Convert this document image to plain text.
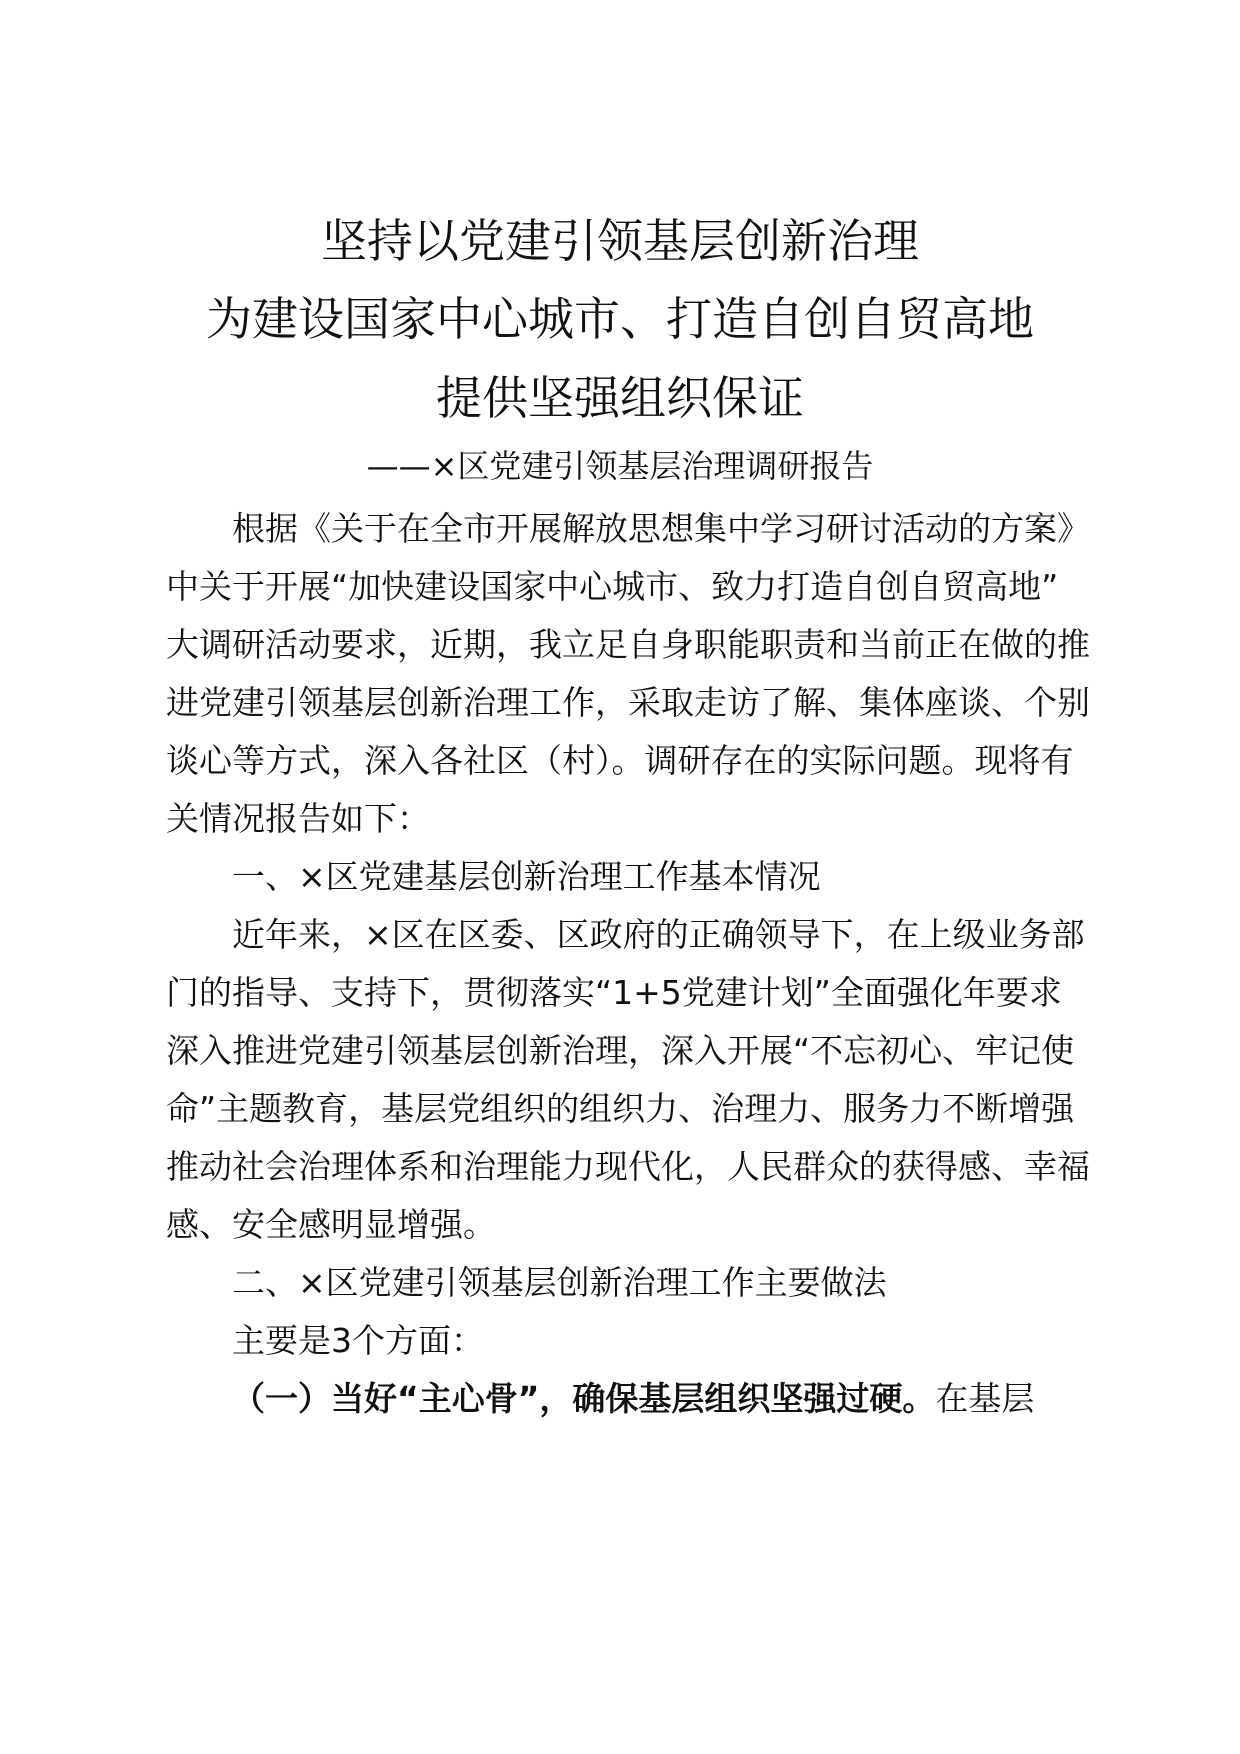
坚持以党建引领基层创新治理
为建设国家中心城市、打造自创自贸高地
提供坚强组织保证
——×区党建引领基层治理调研报告
根据《关于在全市开展解放思想集中学习研讨活动的方案》
中关于开展“加快建设国家中心城市、致力打造自创自贸高地”
大调研活动要求，近期，我立足自身职能职责和当前正在做的推
进党建引领基层创新治理工作，采取走访了解、集体座谈、个别
谈心等方式，深入各社区（村）。调研存在的实际问题。现将有
关情况报告如下：
一、×区党建基层创新治理工作基本情况
近年来，×区在区委、区政府的正确领导下，在上级业务部
门的指导、支持下，贯彻落实“1+5党建计划”全面强化年要求
深入推进党建引领基层创新治理，深入开展“不忘初心、牢记使
命”主题教育，基层党组织的组织力、治理力、服务力不断增强
推动社会治理体系和治理能力现代化，人民群众的获得感、幸福
感、安全感明显增强。
二、×区党建引领基层创新治理工作主要做法
主要是3个方面：
（一）当好“主心骨”，确保基层组织坚强过硬。在基层
